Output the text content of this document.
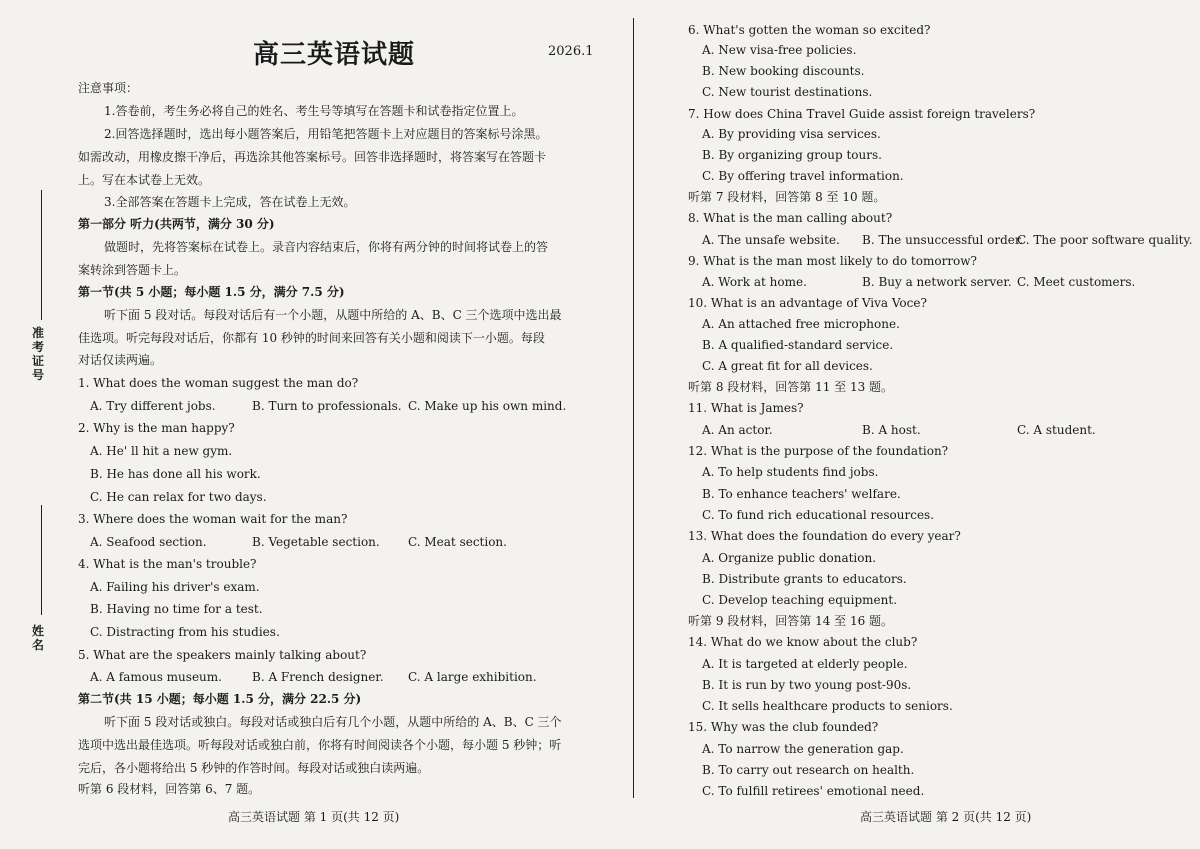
高三英语试题	2026.1
准考证号
姓名
注意事项：
1.答卷前，考生务必将自己的姓名、考生号等填写在答题卡和试卷指定位置上。
2.回答选择题时，选出每小题答案后，用铅笔把答题卡上对应题目的答案标号涂黑。
如需改动，用橡皮擦干净后，再选涂其他答案标号。回答非选择题时，将答案写在答题卡
上。写在本试卷上无效。
3.全部答案在答题卡上完成，答在试卷上无效。
第一部分 听力(共两节，满分 30 分)
做题时，先将答案标在试卷上。录音内容结束后，你将有两分钟的时间将试卷上的答
案转涂到答题卡上。
第一节(共 5 小题；每小题 1.5 分，满分 7.5 分)
听下面 5 段对话。每段对话后有一个小题，从题中所给的 A、B、C 三个选项中选出最
佳选项。听完每段对话后，你都有 10 秒钟的时间来回答有关小题和阅读下一小题。每段
对话仅读两遍。
1. What does the woman suggest the man do?
A. Try different jobs.	B. Turn to professionals. C. Make up his own mind.
2. Why is the man happy?
A. He' ll hit a new gym.
B. He has done all his work.
C. He can relax for two days.
3. Where does the woman wait for the man?
A. Seafood section.	B. Vegetable section. C. Meat section.
4. What is the man's trouble?
A. Failing his driver's exam.
B. Having no time for a test.
C. Distracting from his studies.
5. What are the speakers mainly talking about?
A. A famous museum.	B. A French designer. C. A large exhibition.
第二节(共 15 小题；每小题 1.5 分，满分 22.5 分)
听下面 5 段对话或独白。每段对话或独白后有几个小题，从题中所给的 A、B、C 三个
选项中选出最佳选项。听每段对话或独白前，你将有时间阅读各个小题，每小题 5 秒钟；听
完后，各小题将给出 5 秒钟的作答时间。每段对话或独白读两遍。
听第 6 段材料，回答第 6、7 题。
高三英语试题 第 1 页(共 12 页)
6. What's gotten the woman so excited?
A. New visa-free policies.
B. New booking discounts.
C. New tourist destinations.
7. How does China Travel Guide assist foreign travelers?
A. By providing visa services.
B. By organizing group tours.
C. By offering travel information.
听第 7 段材料，回答第 8 至 10 题。
8. What is the man calling about?
A. The unsafe website. B. The unsuccessful order.
C. The poor software quality.
9. What is the man most likely to do tomorrow?
A. Work at home.	B. Buy a network server. C. Meet customers.
10. What is an advantage of Viva Voce?
A. An attached free microphone.
B. A qualified-standard service.
C. A great fit for all devices.
听第 8 段材料，回答第 11 至 13 题。
11. What is James?
A. An actor.	B. A host.	C. A student.
12. What is the purpose of the foundation?
A. To help students find jobs.
B. To enhance teachers' welfare.
C. To fund rich educational resources.
13. What does the foundation do every year?
A. Organize public donation.
B. Distribute grants to educators.
C. Develop teaching equipment.
听第 9 段材料，回答第 14 至 16 题。
14. What do we know about the club?
A. It is targeted at elderly people.
B. It is run by two young post-90s.
C. It sells healthcare products to seniors.
15. Why was the club founded?
A. To narrow the generation gap.
B. To carry out research on health.
C. To fulfill retirees' emotional need.
高三英语试题 第 2 页(共 12 页)
